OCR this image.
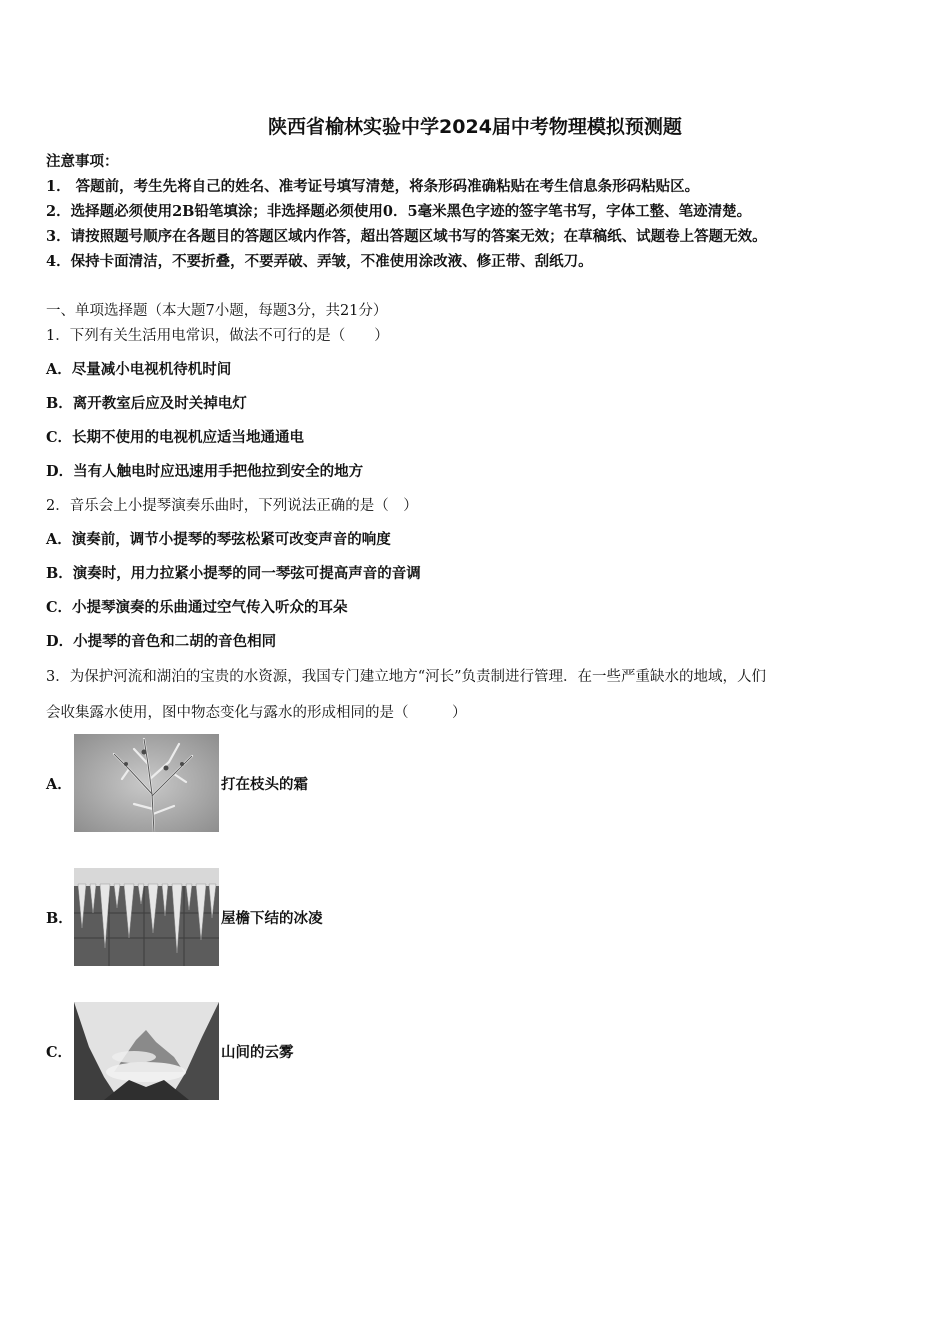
陕西省榆林实验中学2024届中考物理模拟预测题
注意事项：
1． 答题前，考生先将自己的姓名、准考证号填写清楚，将条形码准确粘贴在考生信息条形码粘贴区。
2．选择题必须使用2B铅笔填涂；非选择题必须使用0．5毫米黑色字迹的签字笔书写，字体工整、笔迹清楚。
3．请按照题号顺序在各题目的答题区域内作答，超出答题区域书写的答案无效；在草稿纸、试题卷上答题无效。
4．保持卡面清洁，不要折叠，不要弄破、弄皱，不准使用涂改液、修正带、刮纸刀。
一、单项选择题（本大题7小题，每题3分，共21分）
1．下列有关生活用电常识，做法不可行的是（　　）
A．尽量减小电视机待机时间
B．离开教室后应及时关掉电灯
C．长期不使用的电视机应适当地通通电
D．当有人触电时应迅速用手把他拉到安全的地方
2．音乐会上小提琴演奏乐曲时，下列说法正确的是（　）
A．演奏前，调节小提琴的琴弦松紧可改变声音的响度
B．演奏时，用力拉紧小提琴的同一琴弦可提高声音的音调
C．小提琴演奏的乐曲通过空气传入听众的耳朵
D．小提琴的音色和二胡的音色相同
3．为保护河流和湖泊的宝贵的水资源，我国专门建立地方“河长”负责制进行管理．在一些严重缺水的地域，人们
会收集露水使用，图中物态变化与露水的形成相同的是（　　　）
A．	打在枝头的霜
B．	屋檐下结的冰凌
C．	山间的云雾
